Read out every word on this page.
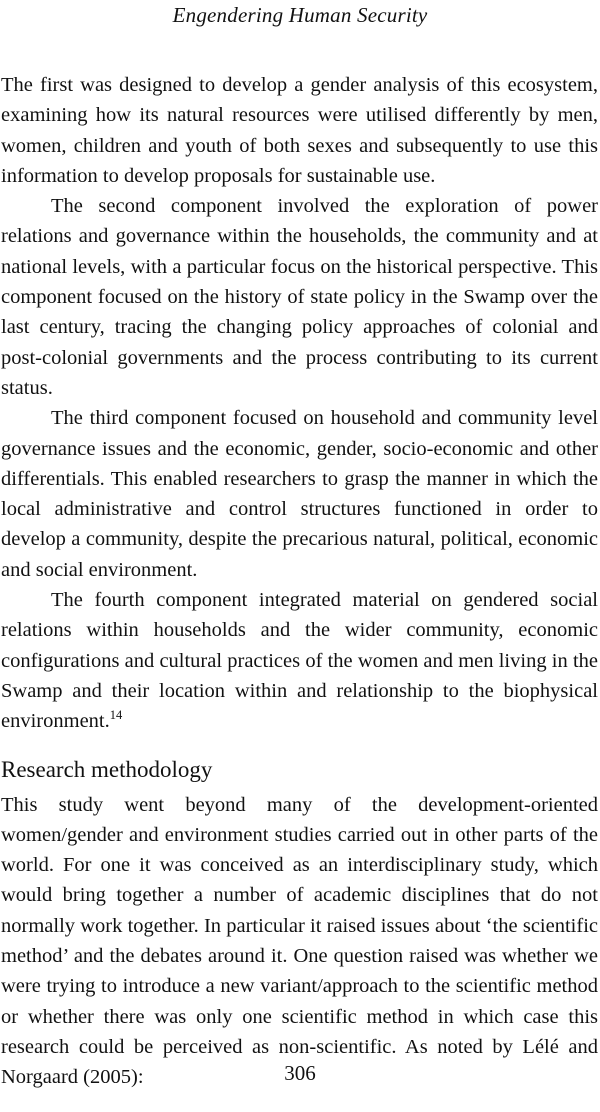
Engendering Human Security

The first was designed to develop a gender analysis of this ecosystem, examining how its natural resources were utilised differently by men, women, children and youth of both sexes and subsequently to use this information to develop proposals for sustainable use.

The second component involved the exploration of power relations and governance within the households, the community and at national levels, with a particular focus on the historical perspective. This component focused on the history of state policy in the Swamp over the last century, tracing the changing policy approaches of colonial and post-colonial governments and the process contributing to its current status.

The third component focused on household and community level governance issues and the economic, gender, socio-economic and other differentials. This enabled researchers to grasp the manner in which the local administrative and control structures functioned in order to develop a community, despite the precarious natural, political, economic and social environment.

The fourth component integrated material on gendered social relations within households and the wider community, economic configurations and cultural practices of the women and men living in the Swamp and their location within and relationship to the biophysical environment.$^{14}$

Research methodology

This study went beyond many of the development-oriented women/gender and environment studies carried out in other parts of the world. For one it was conceived as an interdisciplinary study, which would bring together a number of academic disciplines that do not normally work together. In particular it raised issues about ‘the scientific method’ and the debates around it. One question raised was whether we were trying to introduce a new variant/approach to the scientific method or whether there was only one scientific method in which case this research could be perceived as non-scientific. As noted by Lélé and Norgaard (2005):	306
